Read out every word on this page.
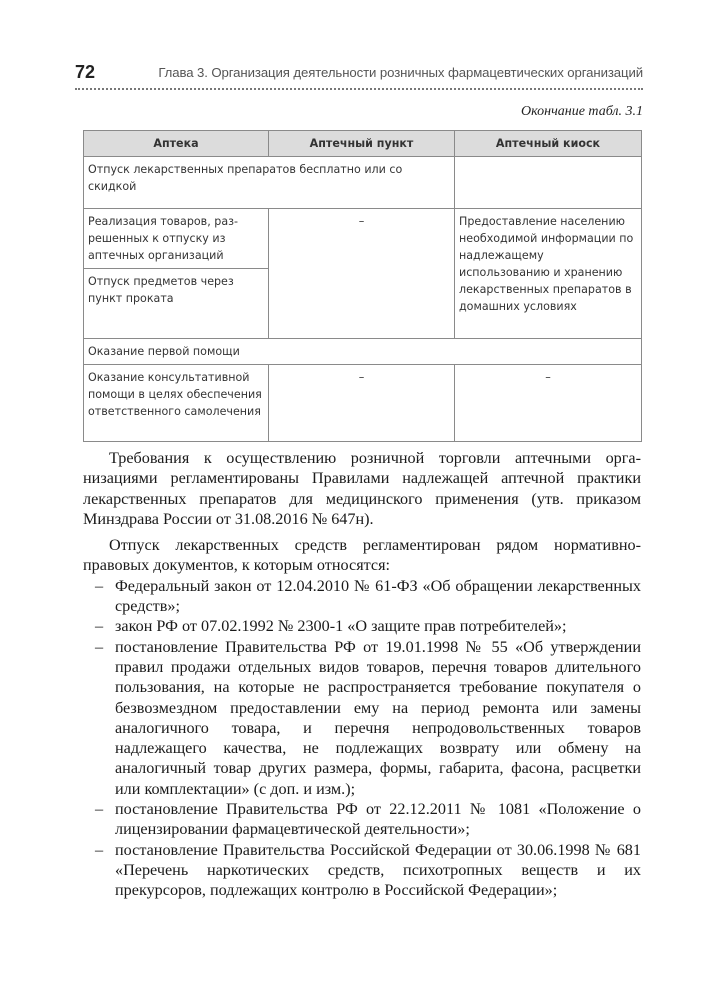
72	Глава 3. Организация деятельности розничных фармацевтических организаций
Окончание табл. 3.1
Аптека	Аптечный пункт	Аптечный киоск

Отпуск лекарственных препаратов бесплатно или со скидкой		

Реализация товаров, разрешенных к отпуску из аптечных организаций	–	Предоставление населению необходимой информации по надлежащему использованию и хранению лекарственных препаратов в домашних условиях

Отпуск предметов через пункт проката		

Оказание первой помощи		

Оказание консультативной помощи в целях обеспечения ответственного самолечения	–	–

Требования к осуществлению розничной торговли аптечными организациями регламентированы Правилами надлежащей аптечной практики лекарственных препаратов для медицинского применения (утв. приказом Минздрава России от 31.08.2016 № 647н).

Отпуск лекарственных средств регламентирован рядом нормативно-правовых документов, к которым относятся:

– Федеральный закон от 12.04.2010 № 61-ФЗ «Об обращении лекарственных средств»;
– закон РФ от 07.02.1992 № 2300-1 «О защите прав потребителей»;
– постановление Правительства РФ от 19.01.1998 № 55 «Об утверждении правил продажи отдельных видов товаров, перечня товаров длительного пользования, на которые не распространяется требование покупателя о безвозмездном предоставлении ему на период ремонта или замены аналогичного товара, и перечня непродовольственных товаров надлежащего качества, не подлежащих возврату или обмену на аналогичный товар других размера, формы, габарита, фасона, расцветки или комплектации» (с доп. и изм.);
– постановление Правительства РФ от 22.12.2011 № 1081 «Положение о лицензировании фармацевтической деятельности»;
– постановление Правительства Российской Федерации от 30.06.1998 № 681 «Перечень наркотических средств, психотропных веществ и их прекурсоров, подлежащих контролю в Российской Федерации»;
